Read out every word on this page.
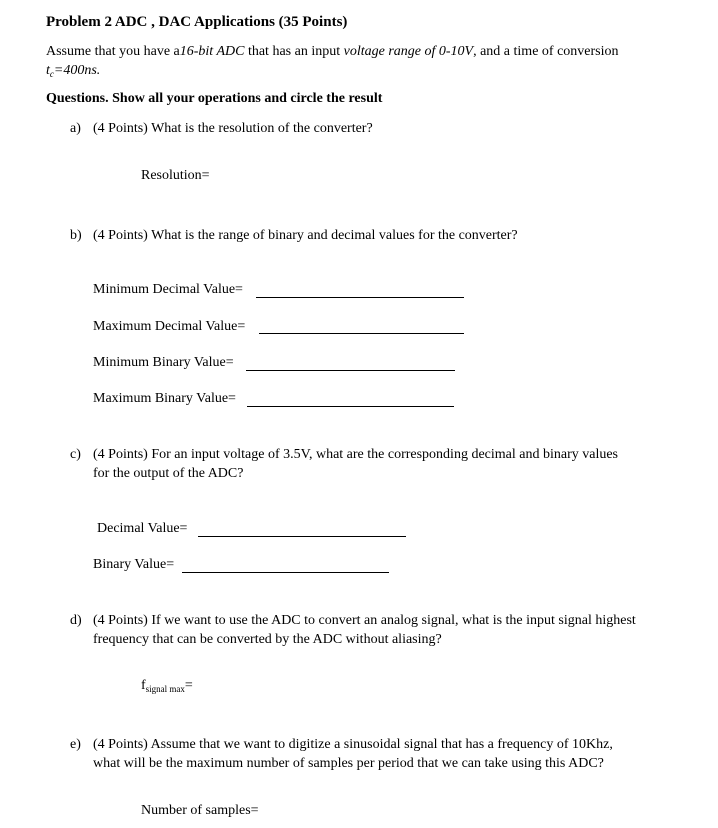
Problem 2 ADC , DAC Applications (35 Points)
Assume that you have a16-bit ADC that has an input voltage range of 0-10V, and a time of conversion
$t_c=400ns$.
Questions. Show all your operations and circle the result
a) (4 Points) What is the resolution of the converter?
Resolution=
b) (4 Points) What is the range of binary and decimal values for the converter?
Minimum Decimal Value=
Maximum Decimal Value=
Minimum Binary Value=
Maximum Binary Value=
c) (4 Points) For an input voltage of 3.5V, what are the corresponding decimal and binary values
for the output of the ADC?
Decimal Value=
Binary Value=
d) (4 Points) If we want to use the ADC to convert an analog signal, what is the input signal highest
frequency that can be converted by the ADC without aliasing?
$f_{signal max}=$
e) (4 Points) Assume that we want to digitize a sinusoidal signal that has a frequency of 10Khz,
what will be the maximum number of samples per period that we can take using this ADC?
Number of samples=
